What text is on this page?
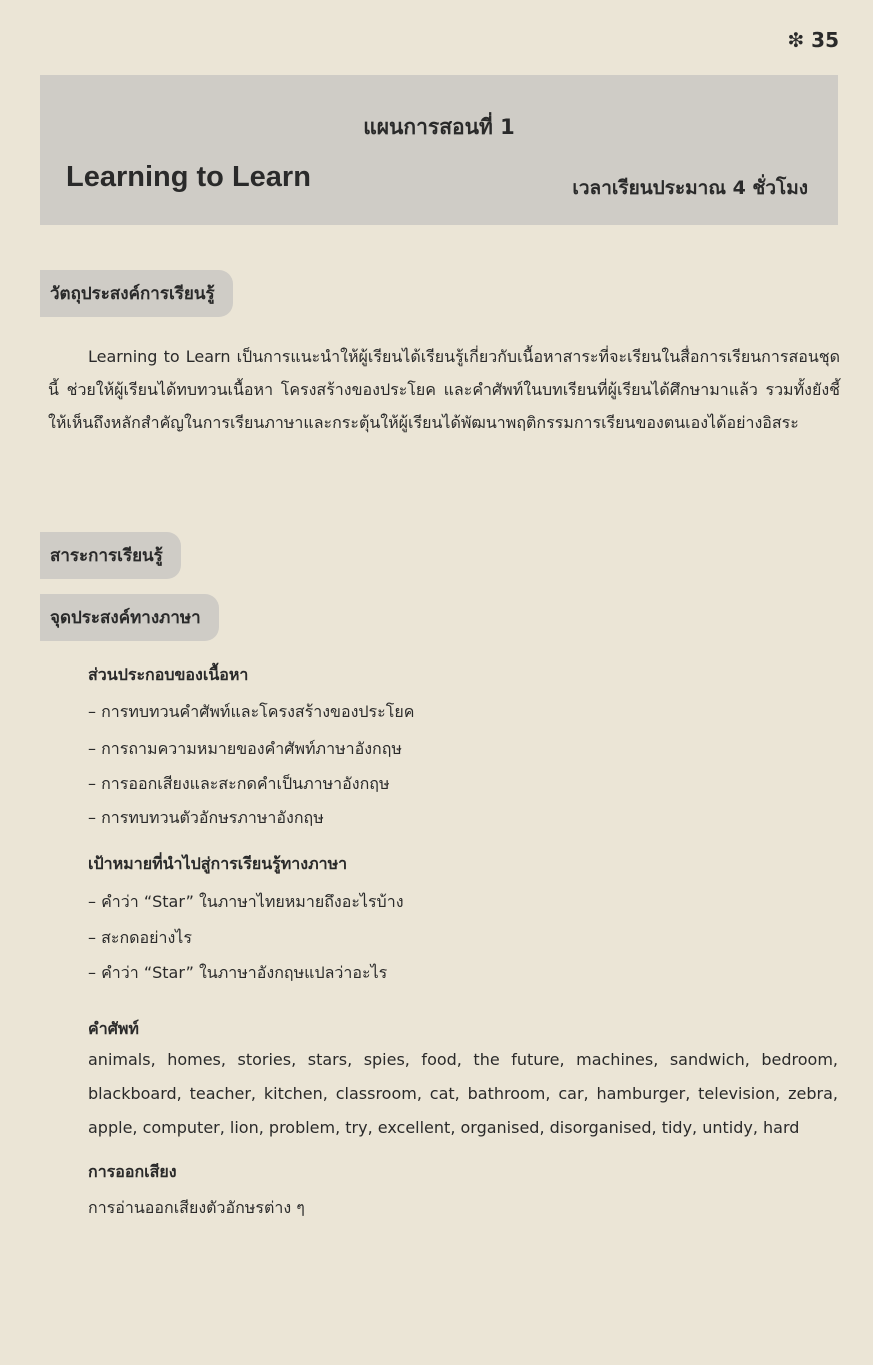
❇ 35
แผนการสอนที่ 1
Learning to Learn	เวลาเรียนประมาณ 4 ชั่วโมง
วัตถุประสงค์การเรียนรู้
Learning to Learn เป็นการแนะนำให้ผู้เรียนได้เรียนรู้เกี่ยวกับเนื้อหาสาระที่จะเรียนในสื่อการเรียนการสอนชุดนี้ ช่วยให้ผู้เรียนได้ทบทวนเนื้อหา โครงสร้างของประโยค และคำศัพท์ในบทเรียนที่ผู้เรียนได้ศึกษามาแล้ว รวมทั้งยังชี้ให้เห็นถึงหลักสำคัญในการเรียนภาษาและกระตุ้นให้ผู้เรียนได้พัฒนาพฤติกรรมการเรียนของตนเองได้อย่างอิสระ
สาระการเรียนรู้
จุดประสงค์ทางภาษา
ส่วนประกอบของเนื้อหา
– การทบทวนคำศัพท์และโครงสร้างของประโยค
– การถามความหมายของคำศัพท์ภาษาอังกฤษ
– การออกเสียงและสะกดคำเป็นภาษาอังกฤษ
– การทบทวนตัวอักษรภาษาอังกฤษ
เป้าหมายที่นำไปสู่การเรียนรู้ทางภาษา
– คำว่า “Star” ในภาษาไทยหมายถึงอะไรบ้าง
– สะกดอย่างไร
– คำว่า “Star” ในภาษาอังกฤษแปลว่าอะไร
คำศัพท์
animals, homes, stories, stars, spies, food, the future, machines, sandwich, bedroom, blackboard, teacher, kitchen, classroom, cat, bathroom, car, hamburger, television, zebra, apple, computer, lion, problem, try, excellent, organised, disorganised, tidy, untidy, hard
การออกเสียง
การอ่านออกเสียงตัวอักษรต่าง ๆ
